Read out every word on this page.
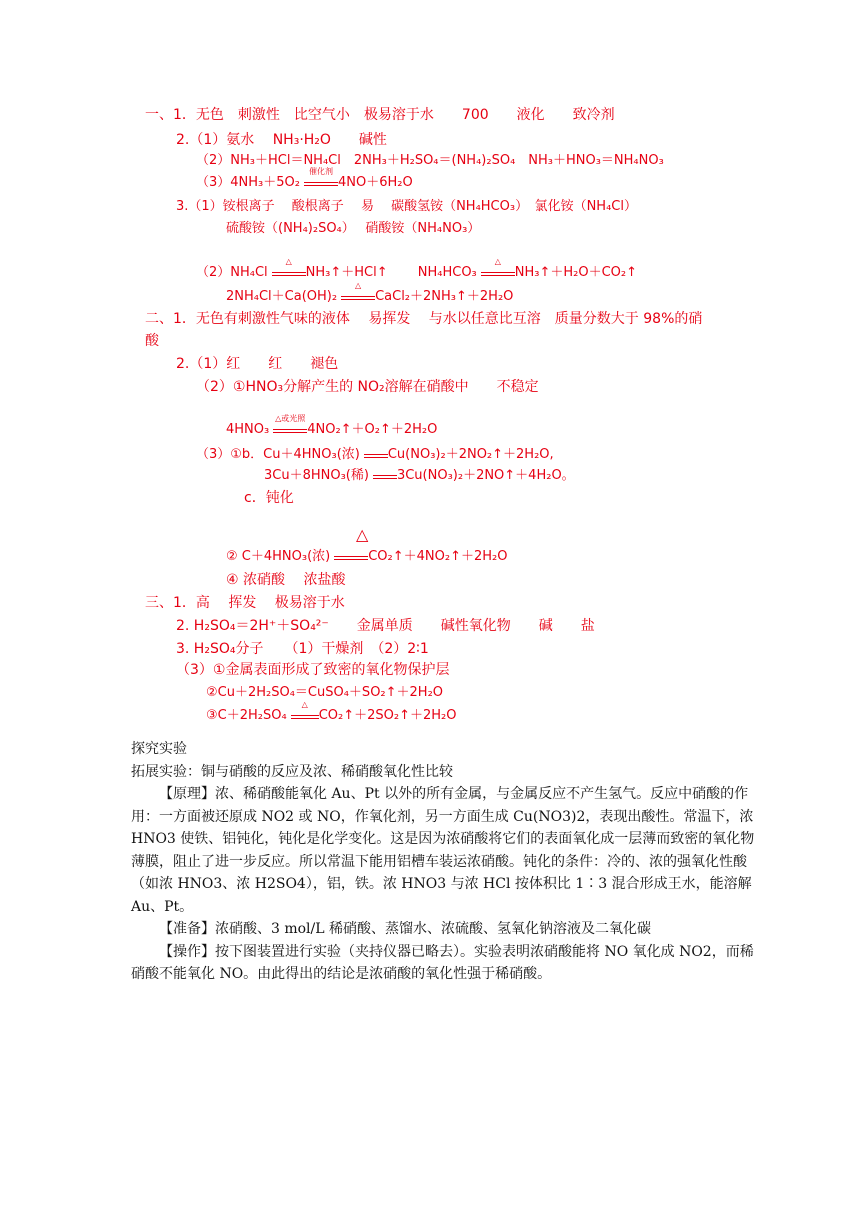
一、1．无色　刺激性　比空气小　极易溶于水　　700　　液化　　致冷剂
2.（1）氨水　 NH₃·H₂O　　碱性
（2）NH₃＋HCl＝NH₄Cl　2NH₃＋H₂SO₄＝(NH₄)₂SO₄　NH₃＋HNO₃＝NH₄NO₃
（3）4NH₃＋5O₂
催化剂
4NO＋6H₂O
3.（1）铵根离子　 酸根离子　 易　 碳酸氢铵（NH₄HCO₃）　氯化铵（NH₄Cl）
硫酸铵（(NH₄)₂SO₄）　 硝酸铵（NH₄NO₃）
（2）NH₄Cl
△
NH₃↑＋HCl↑　　 NH₄HCO₃
△
NH₃↑＋H₂O＋CO₂↑
2NH₄Cl＋Ca(OH)₂
△
CaCl₂＋2NH₃↑＋2H₂O
二、1．无色有刺激性气味的液体　 易挥发　 与水以任意比互溶　质量分数大于 98%的硝
酸
2.（1）红　　红　　褪色
（2）①HNO₃分解产生的 NO₂溶解在硝酸中　　不稳定
4HNO₃
△或光照
4NO₂↑＋O₂↑＋2H₂O
（3）①b．Cu＋4HNO₃(浓) Cu(NO₃)₂＋2NO₂↑＋2H₂O,
3Cu＋8HNO₃(稀) 3Cu(NO₃)₂＋2NO↑＋4H₂O。
c．钝化
△
② C＋4HNO₃(浓)	CO₂↑＋4NO₂↑＋2H₂O
④ 浓硝酸　 浓盐酸
三、1．高　 挥发　 极易溶于水
2. H₂SO₄＝2H⁺＋SO₄²⁻　　金属单质　　碱性氧化物　　碱　　盐
3. H₂SO₄分子　　（1）干燥剂　（2）2∶1
（3）①金属表面形成了致密的氧化物保护层
②Cu＋2H₂SO₄＝CuSO₄＋SO₂↑＋2H₂O
③C＋2H₂SO₄
△
CO₂↑＋2SO₂↑＋2H₂O

探究实验

拓展实验：铜与硝酸的反应及浓、稀硝酸氧化性比较

【原理】浓、稀硝酸能氧化 Au、Pt 以外的所有金属，与金属反应不产生氢气。反应中硝酸的作用：一方面被还原成 NO2 或 NO，作氧化剂，另一方面生成 Cu(NO3)2，表现出酸性。常温下，浓 HNO3 使铁、铝钝化，钝化是化学变化。这是因为浓硝酸将它们的表面氧化成一层薄而致密的氧化物薄膜，阻止了进一步反应。所以常温下能用铝槽车装运浓硝酸。钝化的条件：冷的、浓的强氧化性酸（如浓 HNO3、浓 H2SO4），铝，铁。浓 HNO3 与浓 HCl 按体积比 1∶3 混合形成王水，能溶解 Au、Pt。

【准备】浓硝酸、3 mol/L 稀硝酸、蒸馏水、浓硫酸、氢氧化钠溶液及二氧化碳

【操作】按下图装置进行实验（夹持仪器已略去）。实验表明浓硝酸能将 NO 氧化成 NO2，而稀硝酸不能氧化 NO。由此得出的结论是浓硝酸的氧化性强于稀硝酸。
